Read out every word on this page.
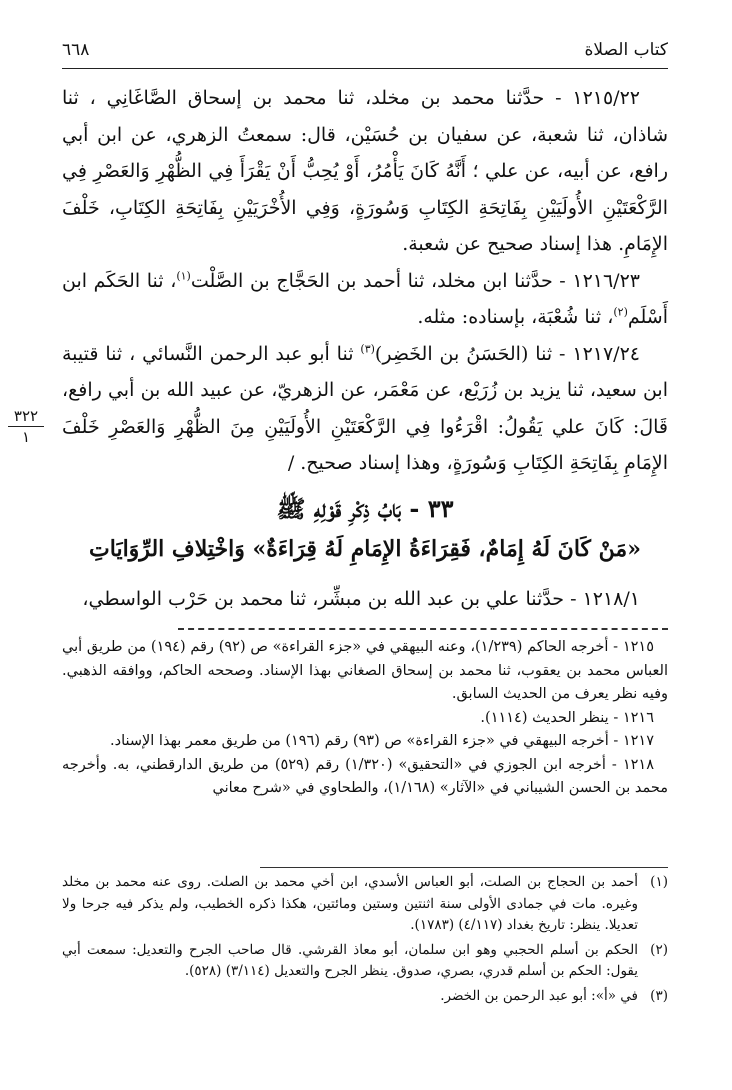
كتاب الصلاة
٦٦٨

١٢١٥/٢٢ - حدَّثنا محمد بن مخلد، ثنا محمد بن إسحاق الصَّاغَانِي ، ثنا شاذان، ثنا شعبة، عن سفيان بن حُسَيْن، قال: سمعتُ الزهري، عن ابن أبي رافع، عن أبيه، عن علي ؛ أَنَّهُ كَانَ يَأْمُرُ، أَوْ يُحِبُّ أَنْ يَقْرَأَ فِي الظُّهْرِ وَالعَصْرِ فِي الرَّكْعَتَيْنِ الأُولَيَيْنِ بِفَاتِحَةِ الكِتَابِ وَسُورَةٍ، وَفِي الأُخْرَيَيْنِ بِفَاتِحَةِ الكِتَابِ، خَلْفَ الإِمَامِ. هذا إسناد صحيح عن شعبة.

١٢١٦/٢٣ - حدَّثنا ابن مخلد، ثنا أحمد بن الحَجَّاج بن الصَّلْت$^{(١)}$، ثنا الحَكَم ابن أَسْلَم$^{(٢)}$، ثنا شُعْبَة، بإسناده: مثله.

١٢١٧/٢٤ - ثنا (الحَسَنُ بن الخَضِر)$^{(٣)}$ ثنا أبو عبد الرحمن النَّسائي ، ثنا قتيبة ابن سعيد، ثنا يزيد بن زُرَيْع، عن مَعْمَر، عن الزهريّ، عن عبيد الله بن أبي رافع، قَالَ: كَانَ علي يَقُولُ: اقْرَءُوا فِي الرَّكْعَتَيْنِ الأُولَيَيْنِ مِنَ الظُّهْرِ وَالعَصْرِ خَلْفَ الإِمَامِ بِفَاتِحَةِ الكِتَابِ وَسُورَةٍ، وهذا إسناد صحيح. /

٣٢٢
١
٣٣ - بَابُ ذِكْرِ قَوْلِهِ ﷺ
«مَنْ كَانَ لَهُ إِمَامٌ، فَقِرَاءَةُ الإِمَامِ لَهُ قِرَاءَةٌ» وَاخْتِلافِ الرِّوَايَاتِ
١٢١٨/١ - حدَّثنا علي بن عبد الله بن مبشِّر، ثنا محمد بن حَرْب الواسطي،

١٢١٥ - أخرجه الحاكم (١/٢٣٩)، وعنه البيهقي في «جزء القراءة» ص (٩٢) رقم (١٩٤) من طريق أبي العباس محمد بن يعقوب، ثنا محمد بن إسحاق الصغاني بهذا الإسناد. وصححه الحاكم، ووافقه الذهبي. وفيه نظر يعرف من الحديث السابق.

١٢١٦ - ينظر الحديث (١١١٤).

١٢١٧ - أخرجه البيهقي في «جزء القراءة» ص (٩٣) رقم (١٩٦) من طريق معمر بهذا الإسناد.

١٢١٨ - أخرجه ابن الجوزي في «التحقيق» (١/٣٢٠) رقم (٥٢٩) من طريق الدارقطني، به. وأخرجه محمد بن الحسن الشيباني في «الآثار» (١/١٦٨)، والطحاوي في «شرح معاني

(١)
أحمد بن الحجاج بن الصلت، أبو العباس الأسدي، ابن أخي محمد بن الصلت. روى عنه محمد بن مخلد وغيره. مات في جمادى الأولى سنة اثنتين وستين ومائتين، هكذا ذكره الخطيب، ولم يذكر فيه جرحا ولا تعديلا. ينظر: تاريخ بغداد (٤/١١٧) (١٧٨٣).
(٢)
الحكم بن أسلم الحجبي وهو ابن سلمان، أبو معاذ القرشي. قال صاحب الجرح والتعديل: سمعت أبي يقول: الحكم بن أسلم قدري، بصري، صدوق. ينظر الجرح والتعديل (٣/١١٤) (٥٢٨).
(٣)
في «أ»: أبو عبد الرحمن بن الخضر.
